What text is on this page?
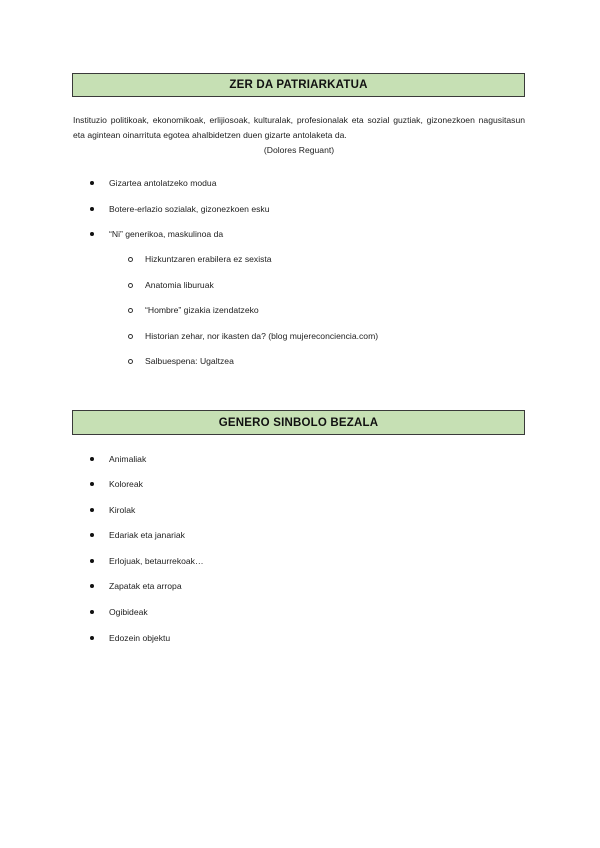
ZER DA PATRIARKATUA
Instituzio politikoak, ekonomikoak, erlijiosoak, kulturalak, profesionalak eta sozial guztiak, gizonezkoen nagusitasun eta agintean oinarrituta egotea ahalbidetzen duen gizarte antolaketa da.
(Dolores Reguant)
Gizartea antolatzeko modua
Botere-erlazio sozialak, gizonezkoen esku
“Ni” generikoa, maskulinoa da
Hizkuntzaren erabilera ez sexista
Anatomia liburuak
“Hombre” gizakia izendatzeko
Historian zehar, nor ikasten da? (blog mujereconciencia.com)
Salbuespena: Ugaltzea
GENERO SINBOLO BEZALA
Animaliak
Koloreak
Kirolak
Edariak eta janariak
Erlojuak, betaurrekoak…
Zapatak eta arropa
Ogibideak
Edozein objektu
